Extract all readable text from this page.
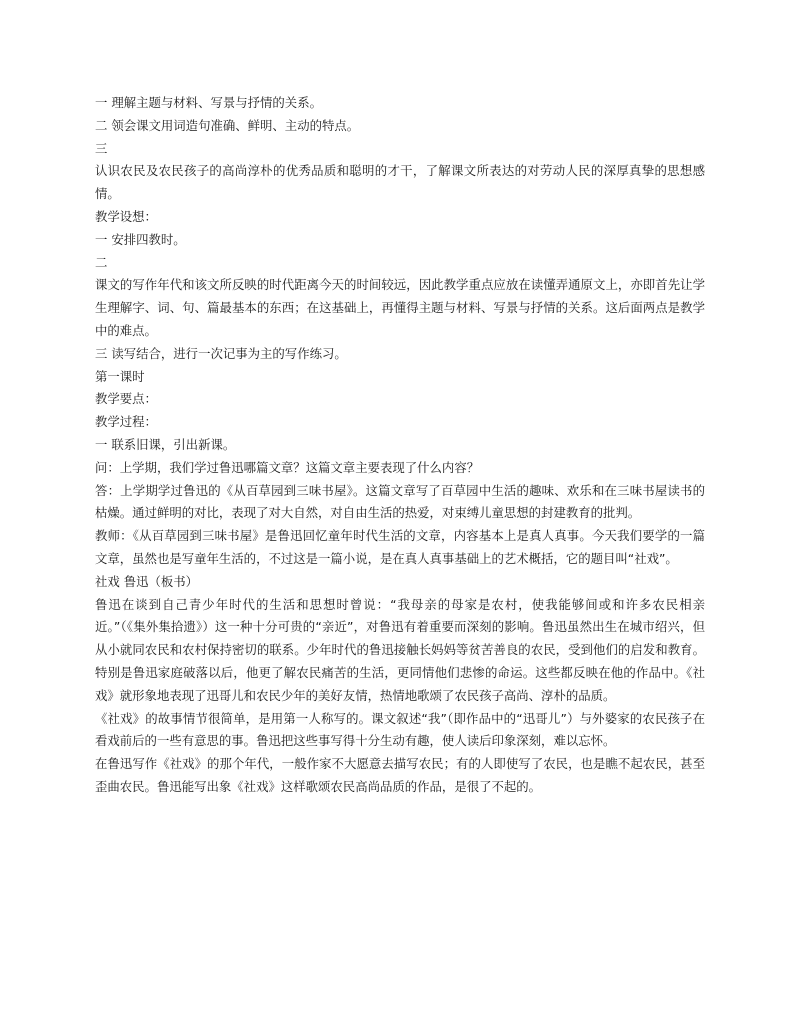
一 理解主题与材料、写景与抒情的关系。
二 领会课文用词造句准确、鲜明、主动的特点。
三
认识农民及农民孩子的高尚淳朴的优秀品质和聪明的才干，了解课文所表达的对劳动人民的深厚真挚的思想感情。
教学设想：
一 安排四教时。
二
课文的写作年代和该文所反映的时代距离今天的时间较远，因此教学重点应放在读懂弄通原文上，亦即首先让学生理解字、词、句、篇最基本的东西；在这基础上，再懂得主题与材料、写景与抒情的关系。这后面两点是教学中的难点。
三 读写结合，进行一次记事为主的写作练习。
第一课时
教学要点：
教学过程：
一 联系旧课，引出新课。
问：上学期，我们学过鲁迅哪篇文章？这篇文章主要表现了什么内容？
答：上学期学过鲁迅的《从百草园到三味书屋》。这篇文章写了百草园中生活的趣味、欢乐和在三味书屋读书的枯燥。通过鲜明的对比，表现了对大自然，对自由生活的热爱，对束缚儿童思想的封建教育的批判。
教师：《从百草园到三味书屋》是鲁迅回忆童年时代生活的文章，内容基本上是真人真事。今天我们要学的一篇文章，虽然也是写童年生活的，不过这是一篇小说，是在真人真事基础上的艺术概括，它的题目叫“社戏”。
社戏 鲁迅（板书）
鲁迅在谈到自己青少年时代的生活和思想时曾说：“我母亲的母家是农村，使我能够间或和许多农民相亲近。”（《集外集拾遗》）这一种十分可贵的“亲近”，对鲁迅有着重要而深刻的影响。鲁迅虽然出生在城市绍兴，但从小就同农民和农村保持密切的联系。少年时代的鲁迅接触长妈妈等贫苦善良的农民，受到他们的启发和教育。特别是鲁迅家庭破落以后，他更了解农民痛苦的生活，更同情他们悲惨的命运。这些都反映在他的作品中。《社戏》就形象地表现了迅哥儿和农民少年的美好友情，热情地歌颂了农民孩子高尚、淳朴的品质。
《社戏》的故事情节很简单，是用第一人称写的。课文叙述“我”（即作品中的“迅哥儿”）与外婆家的农民孩子在看戏前后的一些有意思的事。鲁迅把这些事写得十分生动有趣，使人读后印象深刻，难以忘怀。
在鲁迅写作《社戏》的那个年代，一般作家不大愿意去描写农民；有的人即使写了农民，也是瞧不起农民，甚至歪曲农民。鲁迅能写出象《社戏》这样歌颂农民高尚品质的作品，是很了不起的。
